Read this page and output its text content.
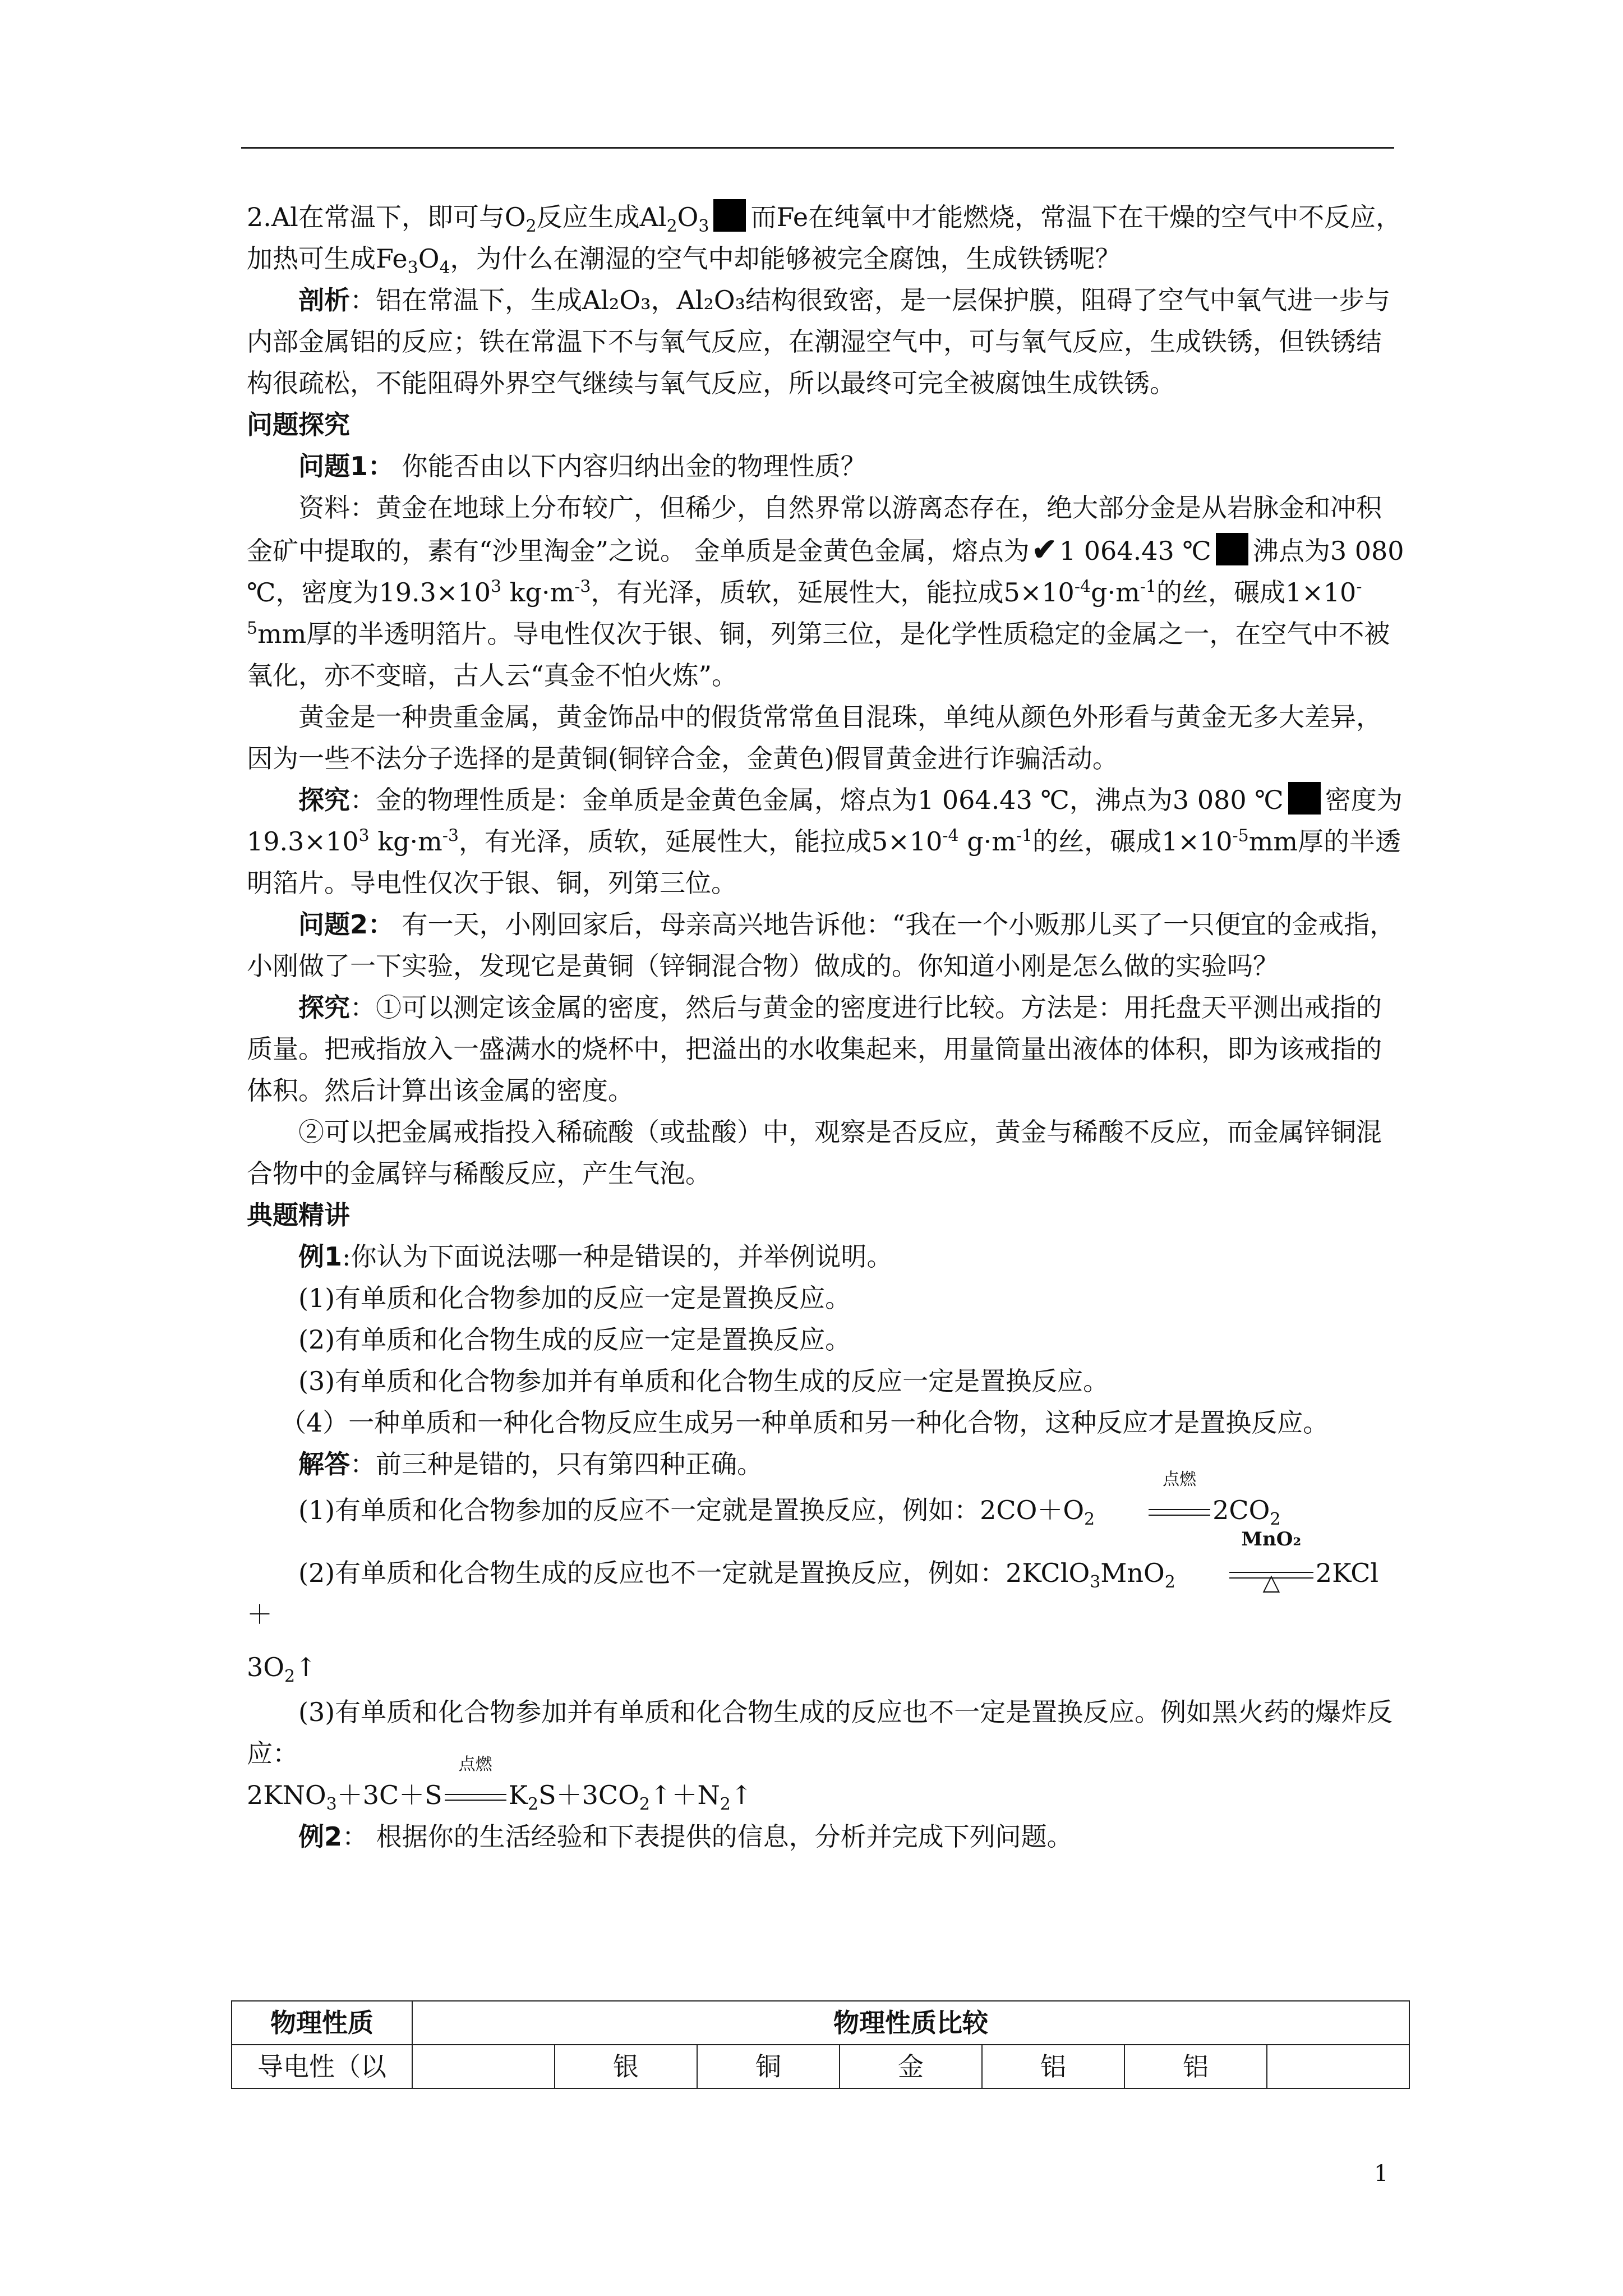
2.Al在常温下，即可与$O_2$反应生成$Al_2O_3$ 而Fe在纯氧中才能燃烧，常温下在干燥的空气中不反应，加热可生成$Fe_3O_4$，为什么在潮湿的空气中却能够被完全腐蚀，生成铁锈呢？

剖析：铝在常温下，生成Al₂O₃，Al₂O₃结构很致密，是一层保护膜，阻碍了空气中氧气进一步与内部金属铝的反应；铁在常温下不与氧气反应，在潮湿空气中，可与氧气反应，生成铁锈，但铁锈结构很疏松，不能阻碍外界空气继续与氧气反应，所以最终可完全被腐蚀生成铁锈。

问题探究

问题1： 你能否由以下内容归纳出金的物理性质？

资料：黄金在地球上分布较广，但稀少，自然界常以游离态存在，绝大部分金是从岩脉金和冲积金矿中提取的，素有“沙里淘金”之说。 金单质是金黄色金属，熔点为✔1 064.43 ℃ 沸点为3 080 ℃，密度为$19.3\times 10^3$ $kg\cdot m^{-3}$，有光泽，质软，延展性大，能拉成$5\times 10^{-4}g\cdot m^{-1}$的丝，碾成$1\times 10^{-5}mm$厚的半透明箔片。导电性仅次于银、铜，列第三位，是化学性质稳定的金属之一，在空气中不被氧化，亦不变暗，古人云“真金不怕火炼”。

黄金是一种贵重金属，黄金饰品中的假货常常鱼目混珠，单纯从颜色外形看与黄金无多大差异，因为一些不法分子选择的是黄铜(铜锌合金，金黄色)假冒黄金进行诈骗活动。

探究：金的物理性质是：金单质是金黄色金属，熔点为1 064.43 ℃，沸点为3 080 ℃ 密度为$19.3\times 10^3$ $kg\cdot m^{-3}$，有光泽，质软，延展性大，能拉成$5\times 10^{-4}$ $g\cdot m^{-1}$的丝，碾成$1\times 10^{-5}mm$厚的半透明箔片。导电性仅次于银、铜，列第三位。

问题2： 有一天，小刚回家后，母亲高兴地告诉他：“我在一个小贩那儿买了一只便宜的金戒指，小刚做了一下实验，发现它是黄铜（锌铜混合物）做成的。你知道小刚是怎么做的实验吗？

探究：①可以测定该金属的密度，然后与黄金的密度进行比较。方法是：用托盘天平测出戒指的质量。把戒指放入一盛满水的烧杯中，把溢出的水收集起来，用量筒量出液体的体积，即为该戒指的体积。然后计算出该金属的密度。

②可以把金属戒指投入稀硫酸（或盐酸）中，观察是否反应，黄金与稀酸不反应，而金属锌铜混合物中的金属锌与稀酸反应，产生气泡。

典题精讲

例1:你认为下面说法哪一种是错误的，并举例说明。

(1)有单质和化合物参加的反应一定是置换反应。

(2)有单质和化合物生成的反应一定是置换反应。

(3)有单质和化合物参加并有单质和化合物生成的反应一定是置换反应。

（4）一种单质和一种化合物反应生成另一种单质和另一种化合物，这种反应才是置换反应。

解答：前三种是错的，只有第四种正确。

(1)有单质和化合物参加的反应不一定就是置换反应，例如：$2CO+O_2$
点燃
$2CO_2$

(2)有单质和化合物生成的反应也不一定就是置换反应，例如：2KClO$_3$MnO$_2$
MnO₂
△	2KCl＋

$3O_2↑$

(3)有单质和化合物参加并有单质和化合物生成的反应也不一定是置换反应。例如黑火药的爆炸反应：

$2KNO_3+3C+S$
点燃
$K_2S+3CO_2↑+N_2↑$

例2： 根据你的生活经验和下表提供的信息，分析并完成下列问题。

物理性质	物理性质比较						
导电性（以		银	铜	金	铝	铝	
1
